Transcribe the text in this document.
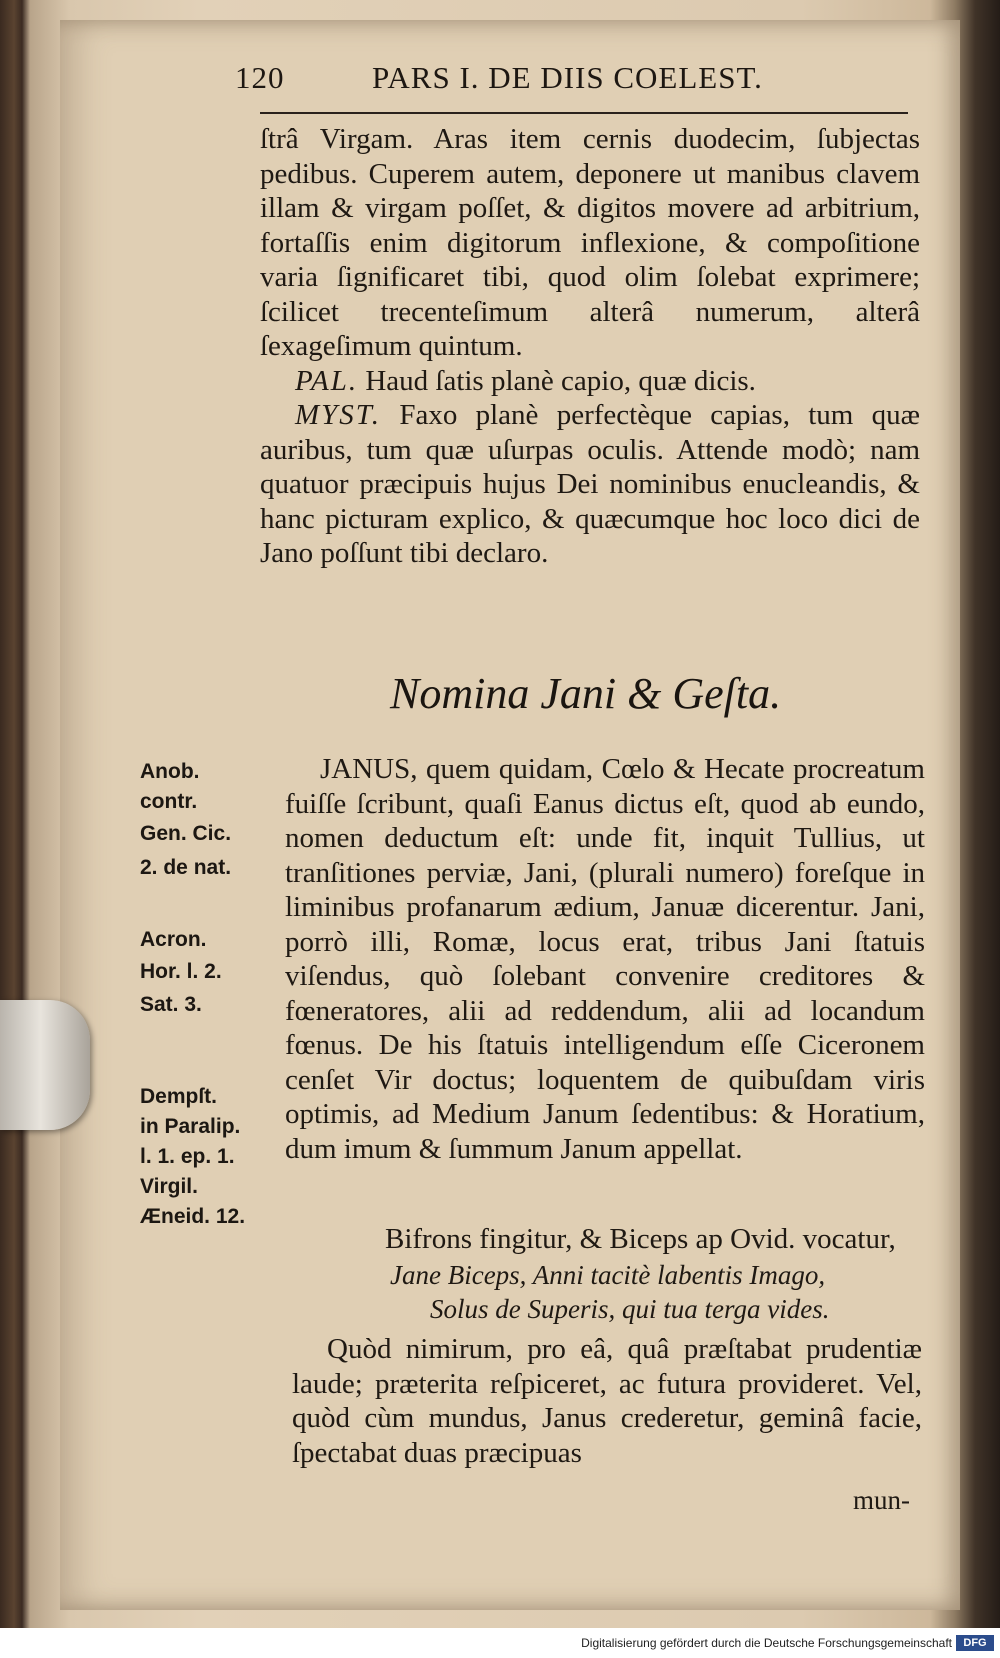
120	PARS I. DE DIIS COELEST.

ſtrâ Virgam. Aras item cernis duodecim, ſubjectas pedibus. Cuperem autem, deponere ut manibus clavem illam & virgam poſſet, & digitos movere ad arbitrium, fortaſſis enim digitorum inflexione, & compoſitione varia ſignificaret tibi, quod olim ſolebat exprimere; ſcilicet trecenteſimum alterâ numerum, alterâ ſexageſimum quintum.

PAL. Haud ſatis planè capio, quæ dicis.

MYST. Faxo planè perfectèque capias, tum quæ auribus, tum quæ uſurpas oculis. Attende modò; nam quatuor præcipuis hujus Dei nominibus enucleandis, & hanc picturam explico, & quæcumque hoc loco dici de Jano poſſunt tibi declaro.

Nomina Jani & Geſta.
Anob.
contr.
Gen. Cic.
2. de nat.
Acron.
Hor. l. 2.
Sat. 3.
Dempſt.
in Paralip.
l. 1. ep. 1.
Virgil.
Æneid. 12.

JANUS, quem quidam, Cœlo & Hecate procreatum fuiſſe ſcribunt, quaſi Eanus dictus eſt, quod ab eundo, nomen deductum eſt: unde fit, inquit Tullius, ut tranſitiones perviæ, Jani, (plurali numero) foreſque in liminibus profanarum ædium, Januæ dicerentur. Jani, porrò illi, Romæ, locus erat, tribus Jani ſtatuis viſendus, quò ſolebant convenire creditores & fœneratores, alii ad reddendum, alii ad locandum fœnus. De his ſtatuis intelligendum eſſe Ciceronem cenſet Vir doctus; loquentem de quibuſdam viris optimis, ad Medium Janum ſedentibus: & Horatium, dum imum & ſummum Janum appellat.

Bifrons fingitur, & Biceps ap Ovid. vocatur,

Jane Biceps, Anni tacitè labentis Imago,
Solus de Superis, qui tua terga vides.

Quòd nimirum, pro eâ, quâ præſtabat prudentiæ laude; præterita reſpiceret, ac futura provideret. Vel, quòd cùm mundus, Janus crederetur, geminâ facie, ſpectabat duas præcipuas

mun-
Digitalisierung gefördert durch die Deutsche Forschungsgemeinschaft	DFG
